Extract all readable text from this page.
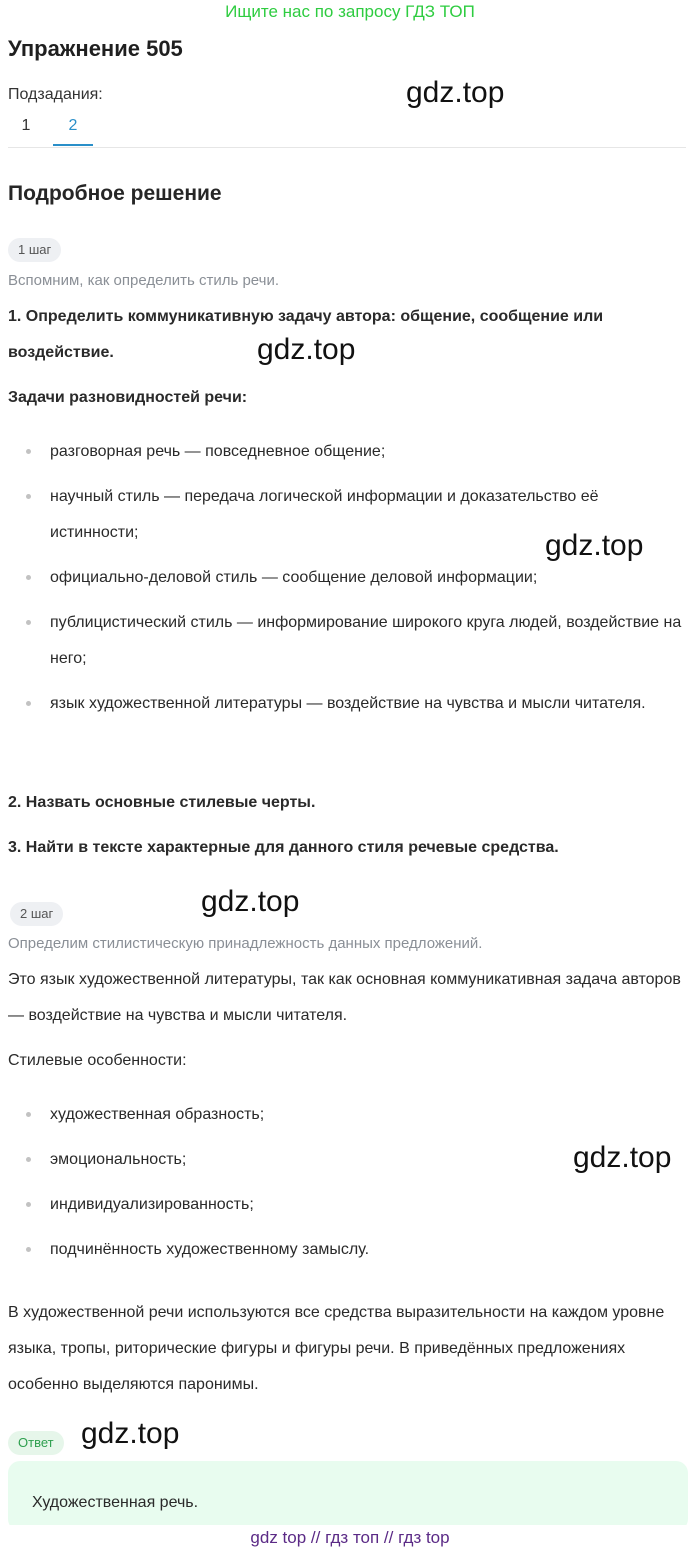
Ищите нас по запросу ГДЗ ТОП
Упражнение 505
Подзадания:
1	2
Подробное решение
1 шаг
Вспомним, как определить стиль речи.
1. Определить коммуникативную задачу автора: общение, сообщение или воздействие.
Задачи разновидностей речи:
разговорная речь — повседневное общение;
научный стиль — передача логической информации и доказательство её истинности;
официально-деловой стиль — сообщение деловой информации;
публицистический стиль — информирование широкого круга людей, воздействие на него;
язык художественной литературы — воздействие на чувства и мысли читателя.
2. Назвать основные стилевые черты.
3. Найти в тексте характерные для данного стиля речевые средства.
2 шаг
Определим стилистическую принадлежность данных предложений.
Это язык художественной литературы, так как основная коммуникативная задача авторов — воздействие на чувства и мысли читателя.
Стилевые особенности:
художественная образность;
эмоциональность;
индивидуализированность;
подчинённость художественному замыслу.
В художественной речи используются все средства выразительности на каждом уровне языка, тропы, риторические фигуры и фигуры речи. В приведённых предложениях особенно выделяются паронимы.
Ответ
Художественная речь.
gdz.top
gdz.top
gdz.top
gdz.top
gdz.top
gdz.top
gdz top // гдз топ // гдз top
